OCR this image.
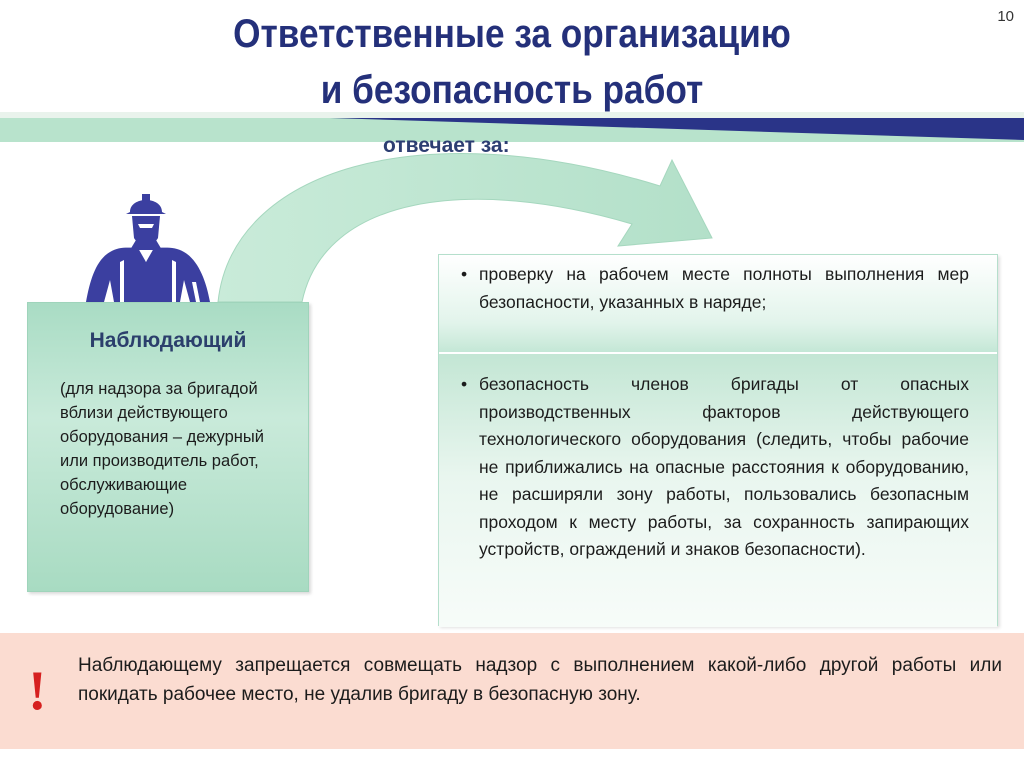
10
Ответственные за организацию
и безопасность работ
отвечает за:
Наблюдающий
(для надзора за бригадой вблизи действующего оборудования – дежурный или производитель работ, обслуживающие оборудование)
• проверку на рабочем месте полноты выполнения мер безопасности, указанных в наряде;
• безопасность членов бригады от опасных производственных факторов действующего технологического оборудования (следить, чтобы рабочие не приближались на опасные расстояния к оборудованию, не расширяли зону работы, пользовались безопасным проходом к месту работы, за сохранность запирающих устройств, ограждений и знаков безопасности).
! Наблюдающему запрещается совмещать надзор с выполнением какой-либо другой работы или покидать рабочее место, не удалив бригаду в безопасную зону.
